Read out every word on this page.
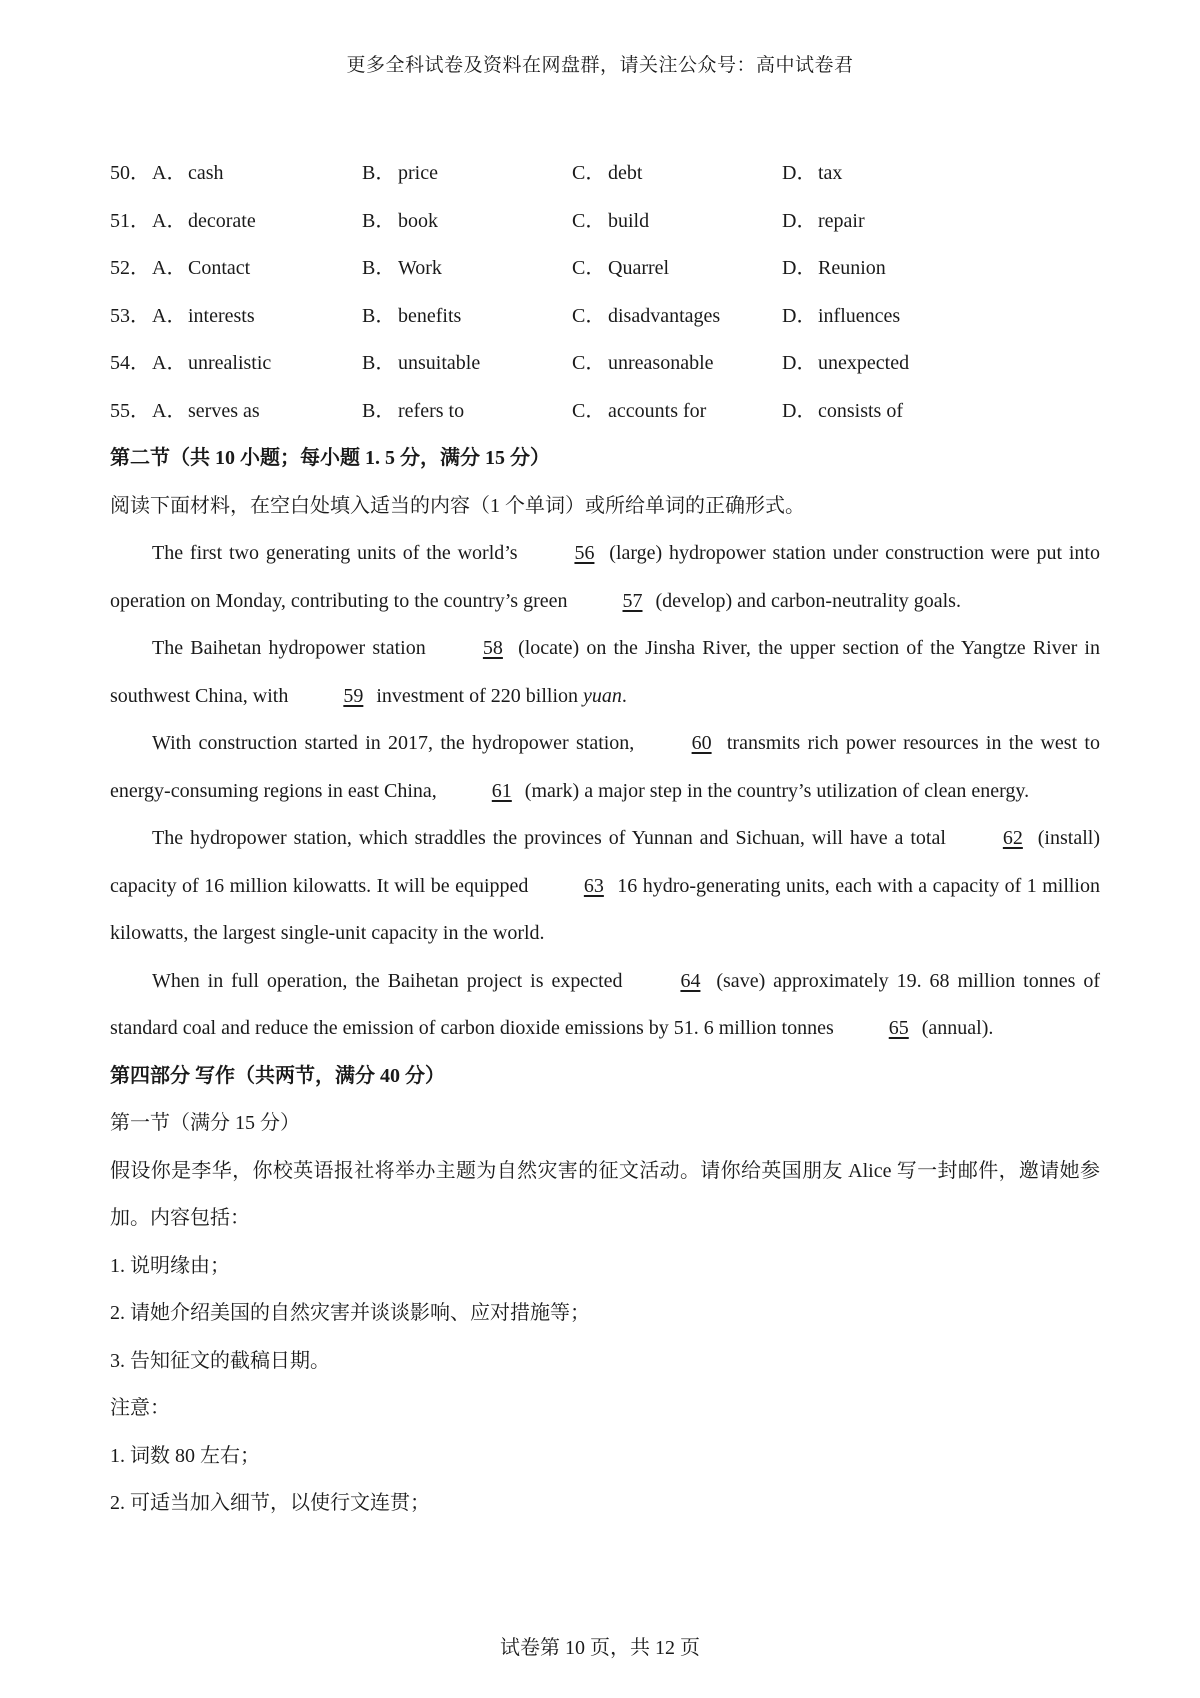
更多全科试卷及资料在网盘群，请关注公众号：高中试卷君
50． A． cash	B． price	C． debt	D． tax
51． A． decorate	B． book	C． build	D． repair
52． A． Contact	B． Work	C． Quarrel	D． Reunion
53． A． interests	B． benefits	C． disadvantages	D． influences
54． A． unrealistic	B． unsuitable	C． unreasonable	D． unexpected
55． A． serves as	B． refers to	C． accounts for	D． consists of
第二节（共 10 小题；每小题 1. 5 分，满分 15 分）
阅读下面材料，在空白处填入适当的内容（1 个单词）或所给单词的正确形式。
The first two generating units of the world’s	56 (large) hydropower station under construction were put into operation on Monday, contributing to the country’s green	57 (develop) and carbon-neutrality goals.
The Baihetan hydropower station	58 (locate) on the Jinsha River, the upper section of the Yangtze River in southwest China, with	59 investment of 220 billion yuan.
With construction started in 2017, the hydropower station,	60 transmits rich power resources in the west to energy-consuming regions in east China,	61 (mark) a major step in the country’s utilization of clean energy.
The hydropower station, which straddles the provinces of Yunnan and Sichuan, will have a total	62 (install) capacity of 16 million kilowatts. It will be equipped	63 16 hydro-generating units, each with a capacity of 1 million kilowatts, the largest single-unit capacity in the world.
When in full operation, the Baihetan project is expected	64 (save) approximately 19. 68 million tonnes of standard coal and reduce the emission of carbon dioxide emissions by 51. 6 million tonnes	65 (annual).
第四部分 写作（共两节，满分 40 分）
第一节（满分 15 分）
假设你是李华，你校英语报社将举办主题为自然灾害的征文活动。请你给英国朋友 Alice 写一封邮件，邀请她参加。内容包括：
1. 说明缘由；
2. 请她介绍美国的自然灾害并谈谈影响、应对措施等；
3. 告知征文的截稿日期。
注意：
1. 词数 80 左右；
2. 可适当加入细节，以使行文连贯；
试卷第 10 页，共 12 页
